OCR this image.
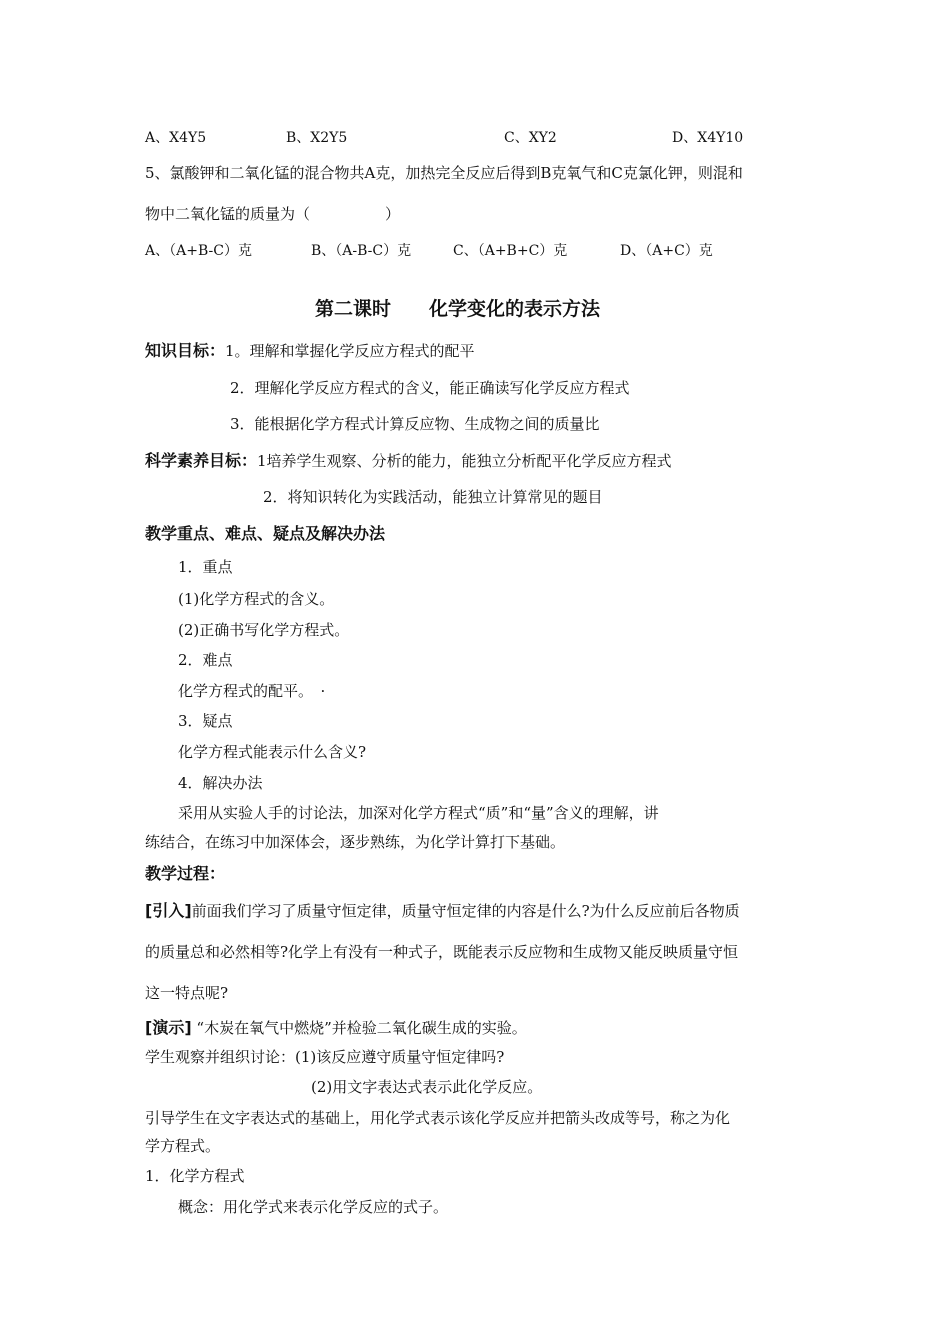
A、X4Y5	B、X2Y5	C、XY2	D、X4Y10
5、氯酸钾和二氧化锰的混合物共A克，加热完全反应后得到B克氧气和C克氯化钾，则混和
物中二氧化锰的质量为（　　　　　）
A、（A+B-C）克	B、（A-B-C）克	C、（A+B+C）克	D、（A+C）克
第二课时　　化学变化的表示方法
知识目标：1。理解和掌握化学反应方程式的配平
2．理解化学反应方程式的含义，能正确读写化学反应方程式
3．能根据化学方程式计算反应物、生成物之间的质量比
科学素养目标：1培养学生观察、分析的能力，能独立分析配平化学反应方程式
2．将知识转化为实践活动，能独立计算常见的题目
教学重点、难点、疑点及解决办法
1．重点
(1)化学方程式的含义。
(2)正确书写化学方程式。
2．难点
化学方程式的配平。　·
3．疑点
化学方程式能表示什么含义?
4．解决办法
采用从实验人手的讨论法，加深对化学方程式“质”和“量”含义的理解，讲
练结合，在练习中加深体会，逐步熟练，为化学计算打下基础。
教学过程：
[引入]前面我们学习了质量守恒定律，质量守恒定律的内容是什么?为什么反应前后各物质
的质量总和必然相等?化学上有没有一种式子，既能表示反应物和生成物又能反映质量守恒
这一特点呢?
[演示] “木炭在氧气中燃烧”并检验二氧化碳生成的实验。
学生观察并组织讨论：(1)该反应遵守质量守恒定律吗?
(2)用文字表达式表示此化学反应。
引导学生在文字表达式的基础上，用化学式表示该化学反应并把箭头改成等号，称之为化
学方程式。
1．化学方程式
概念：用化学式来表示化学反应的式子。
